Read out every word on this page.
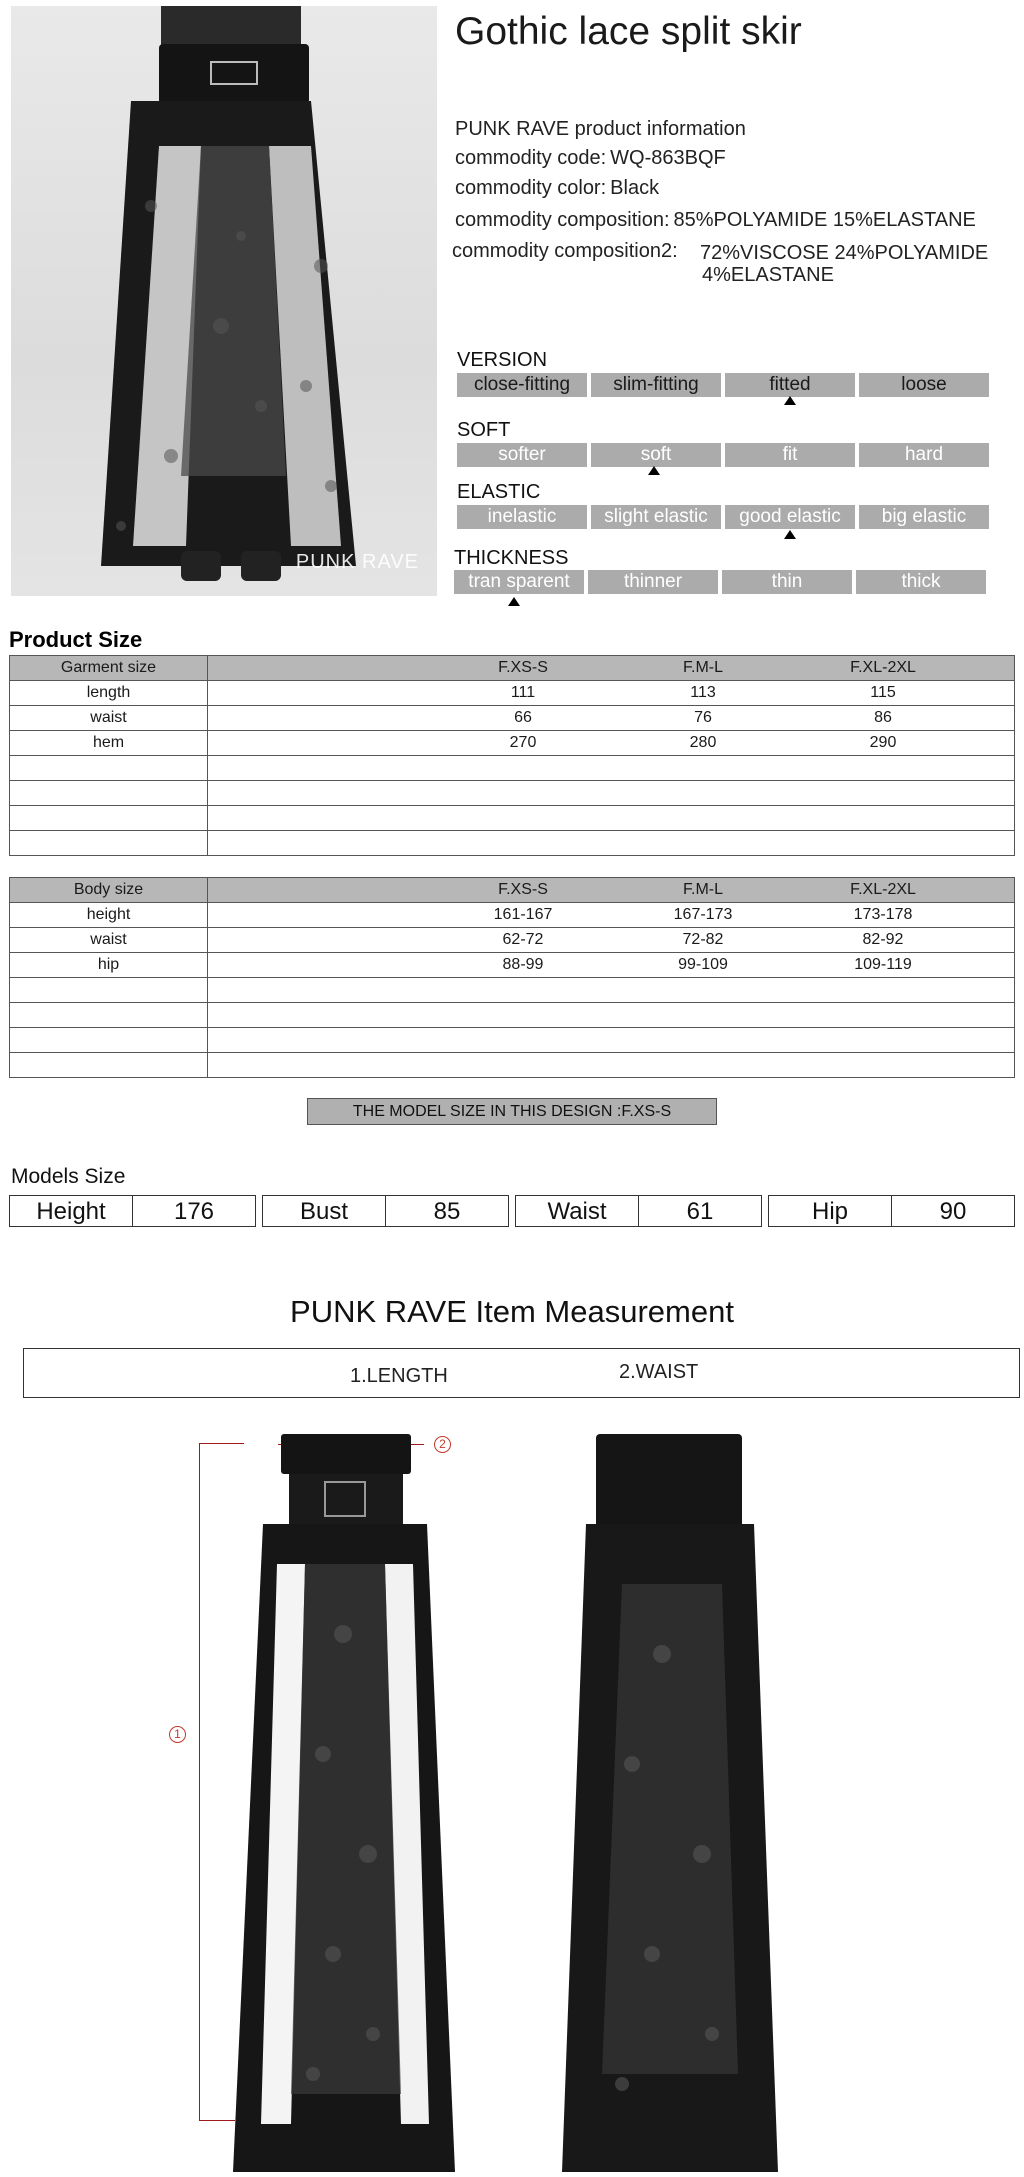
PUNK RAVE
Gothic lace split skir
PUNK RAVE product information
commodity code: WQ-863BQF
commodity color: Black
commodity composition: 85%POLYAMIDE 15%ELASTANE
commodity composition2: 72%VISCOSE 24%POLYAMIDE
4%ELASTANE
VERSION
close-fitting	slim-fitting	fitted	loose
SOFT
softer	soft	fit	hard
ELASTIC
inelastic	slight elastic	good elastic	big elastic
THICKNESS
tran sparent	thinner	thin	thick
Product Size
Garment size	F.XS-S F.M-L F.XL-2XL

length	111 113 115

waist	66 76 86

hem	270 280 290

Body size	F.XS-S F.M-L F.XL-2XL

height	161-167 167-173 173-178

waist	62-72 72-82 82-92

hip	88-99 99-109 109-119

THE MODEL SIZE IN THIS DESIGN :F.XS-S
Models Size
Height	176	Bust	85	Waist	61	Hip	90
PUNK RAVE Item Measurement
1.LENGTH	2.WAIST
1
2
